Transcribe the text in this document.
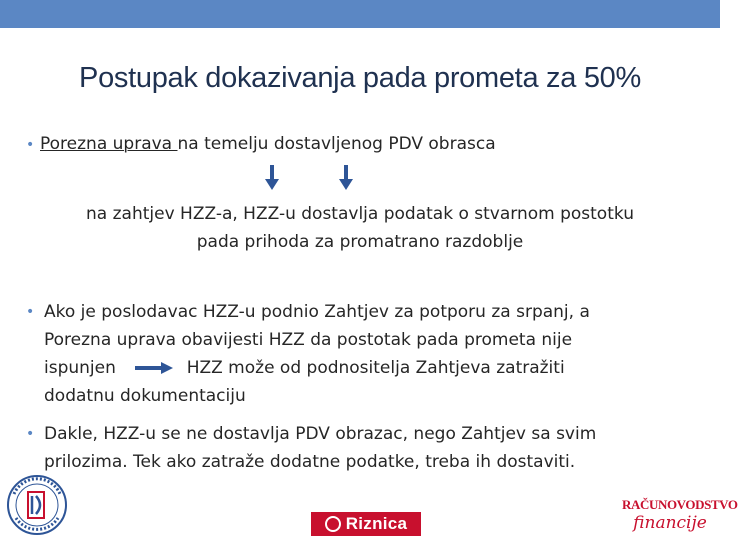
Postupak dokazivanja pada prometa za 50%
• Porezna uprava na temelju dostavljenog PDV obrasca
na zahtjev HZZ-a, HZZ-u dostavlja podatak o stvarnom postotku
pada prihoda za promatrano razdoblje
• Ako je poslodavac HZZ-u podnio Zahtjev za potporu za srpanj, a
Porezna uprava obavijesti HZZ da postotak pada prometa nije
ispunjen	HZZ može od podnositelja Zahtjeva zatražiti
dodatnu dokumentaciju
• Dakle, HZZ-u se ne dostavlja PDV obrazac, nego Zahtjev sa svim
prilozima. Tek ako zatraže dodatne podatke, treba ih dostaviti.
Riznica
RAČUNOVODSTVO
financije
